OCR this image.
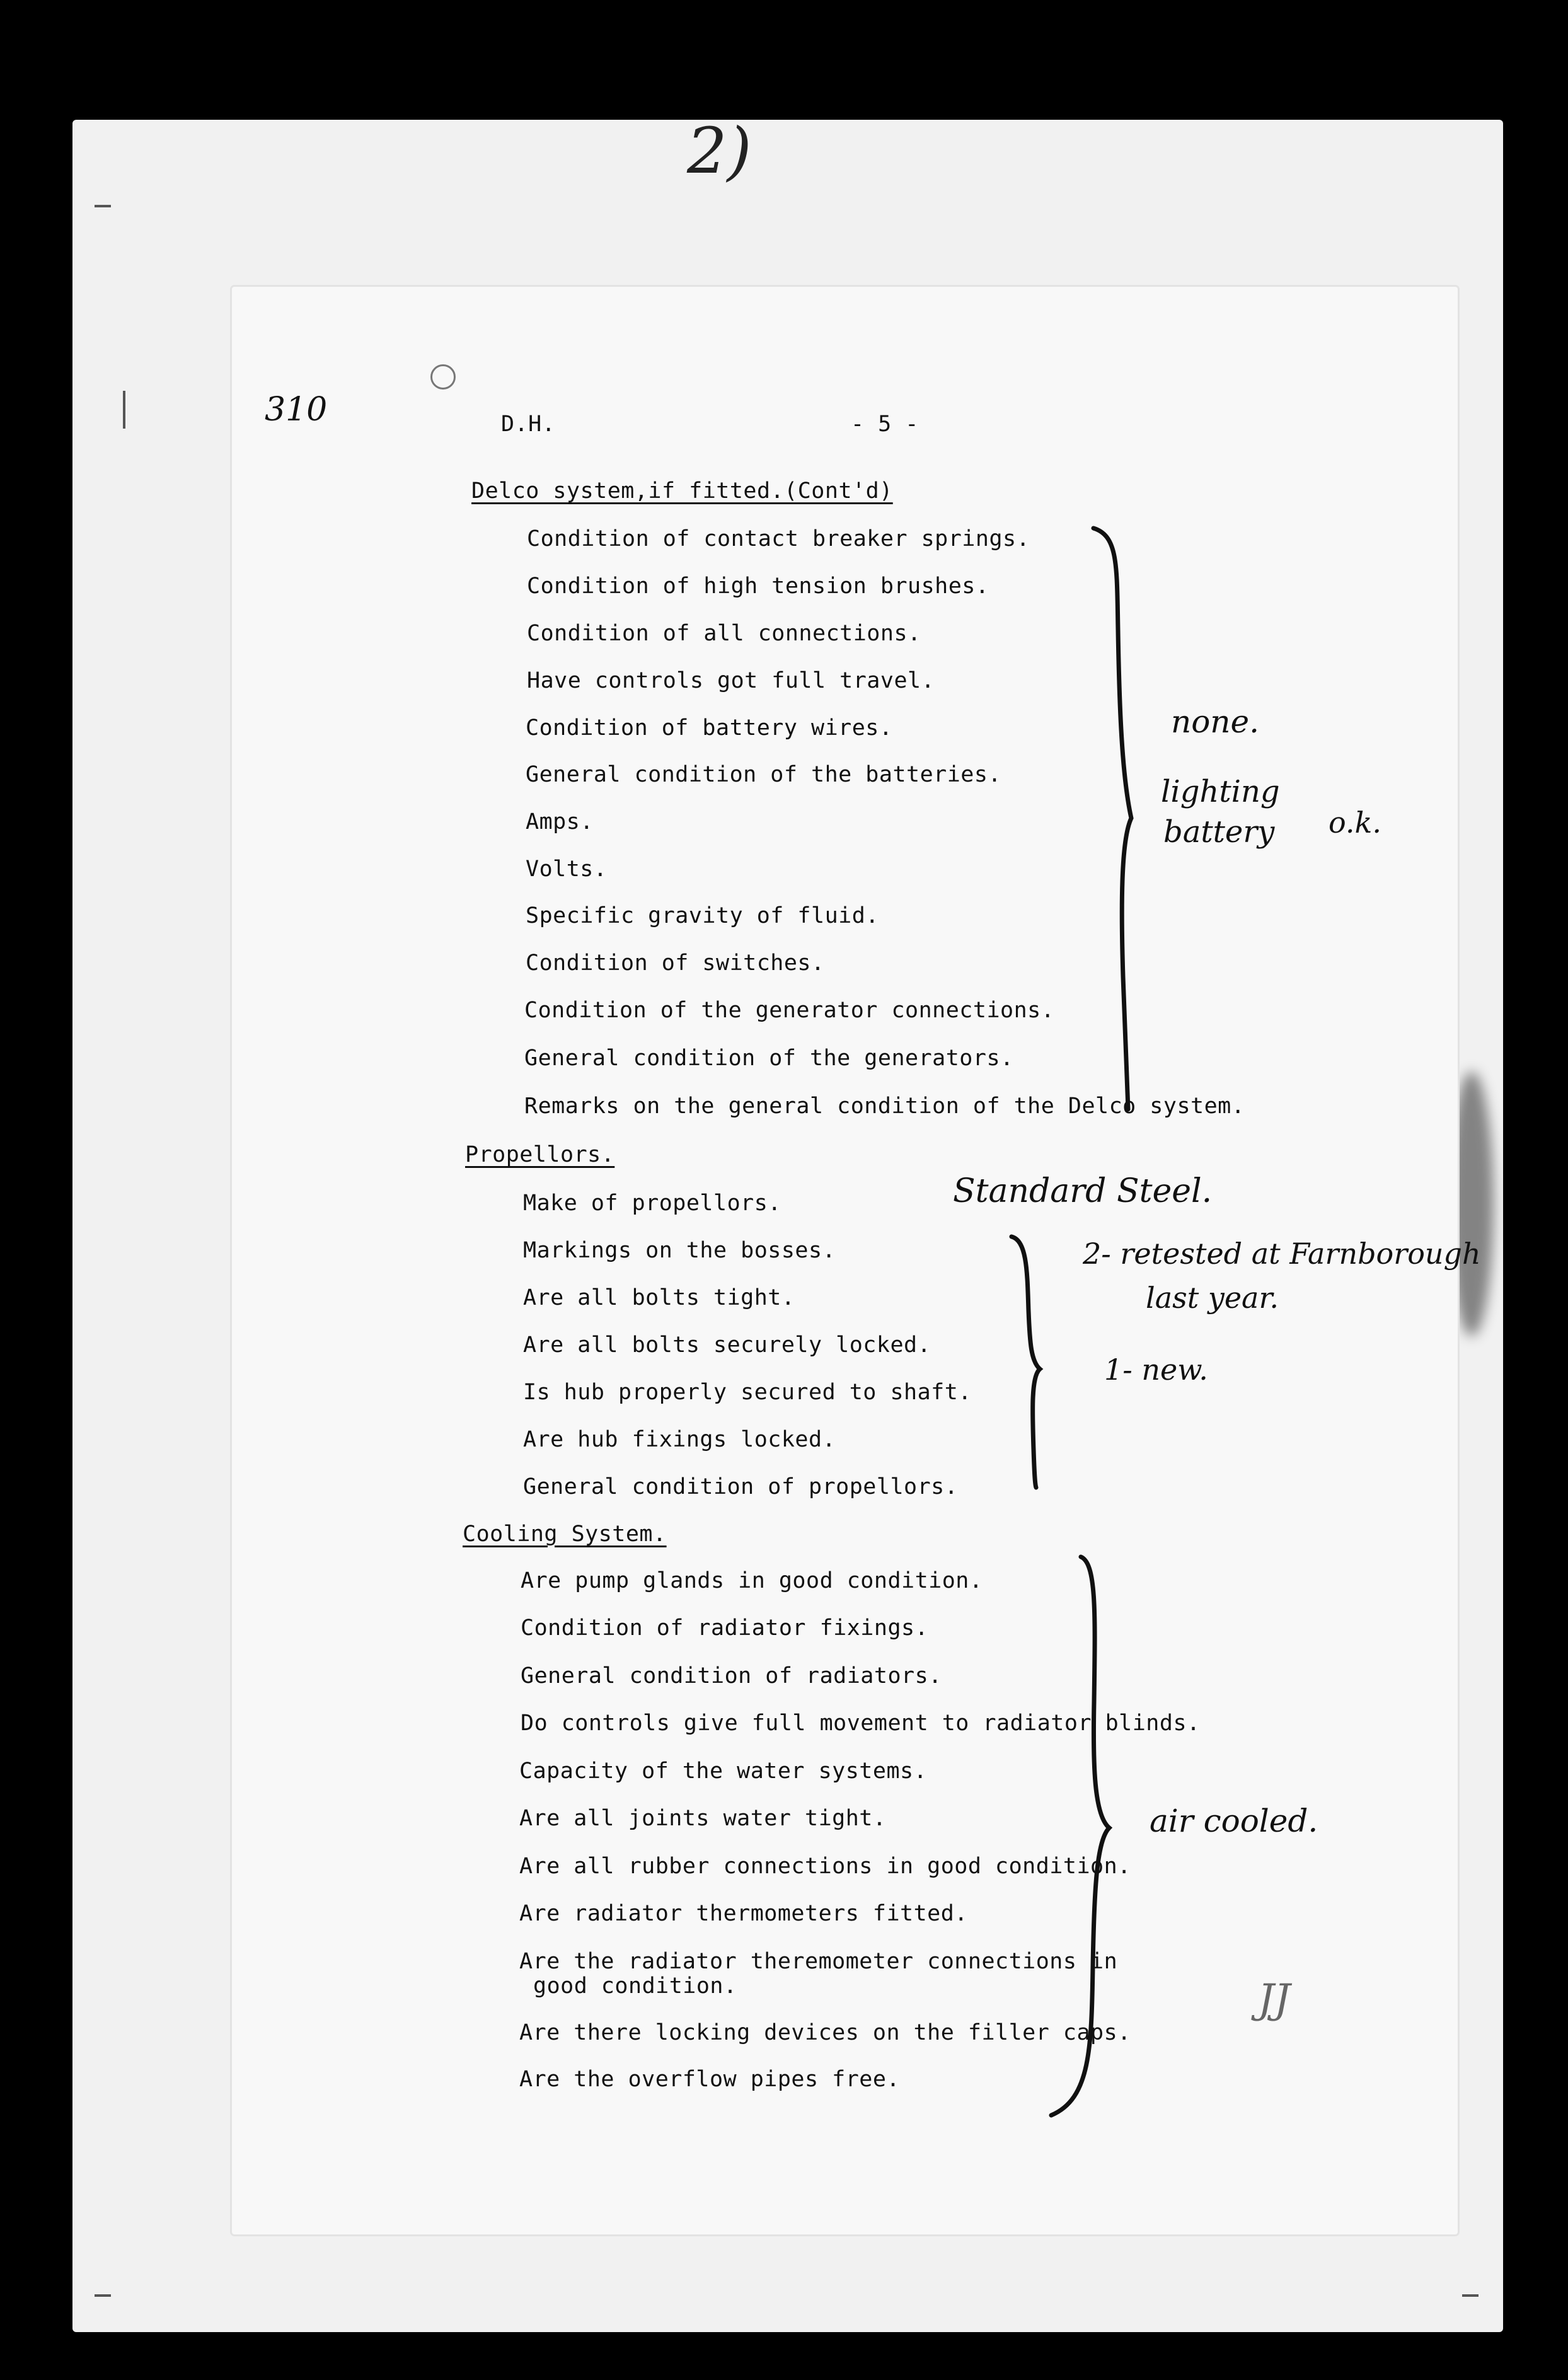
D.H.	- 5 -
Delco system,if fitted.(Cont'd)
Condition of contact breaker springs.
Condition of high tension brushes.
Condition of all connections.
Have controls got full travel.
Condition of battery wires.
General condition of the batteries.
Amps.
Volts.
Specific gravity of fluid.
Condition of switches.
Condition of the generator connections.
General condition of the generators.
Remarks on the general condition of the Delco system.
Propellors.
Make of propellors.
Markings on the bosses.
Are all bolts tight.
Are all bolts securely locked.
Is hub properly secured to shaft.
Are hub fixings locked.
General condition of propellors.
Cooling System.
Are pump glands in good condition.
Condition of radiator fixings.
General condition of radiators.
Do controls give full movement to radiator blinds.
Capacity of the water systems.
Are all joints water tight.
Are all rubber connections in good condition.
Are radiator thermometers fitted.
Are the radiator theremometer connections in
good condition.
Are there locking devices on the filler caps.
Are the overflow pipes free.
2)
310
none.
lighting
battery o.k.
Standard Steel.
2- retested at Farnborough
last year.
1- new.
air cooled.
JJ
